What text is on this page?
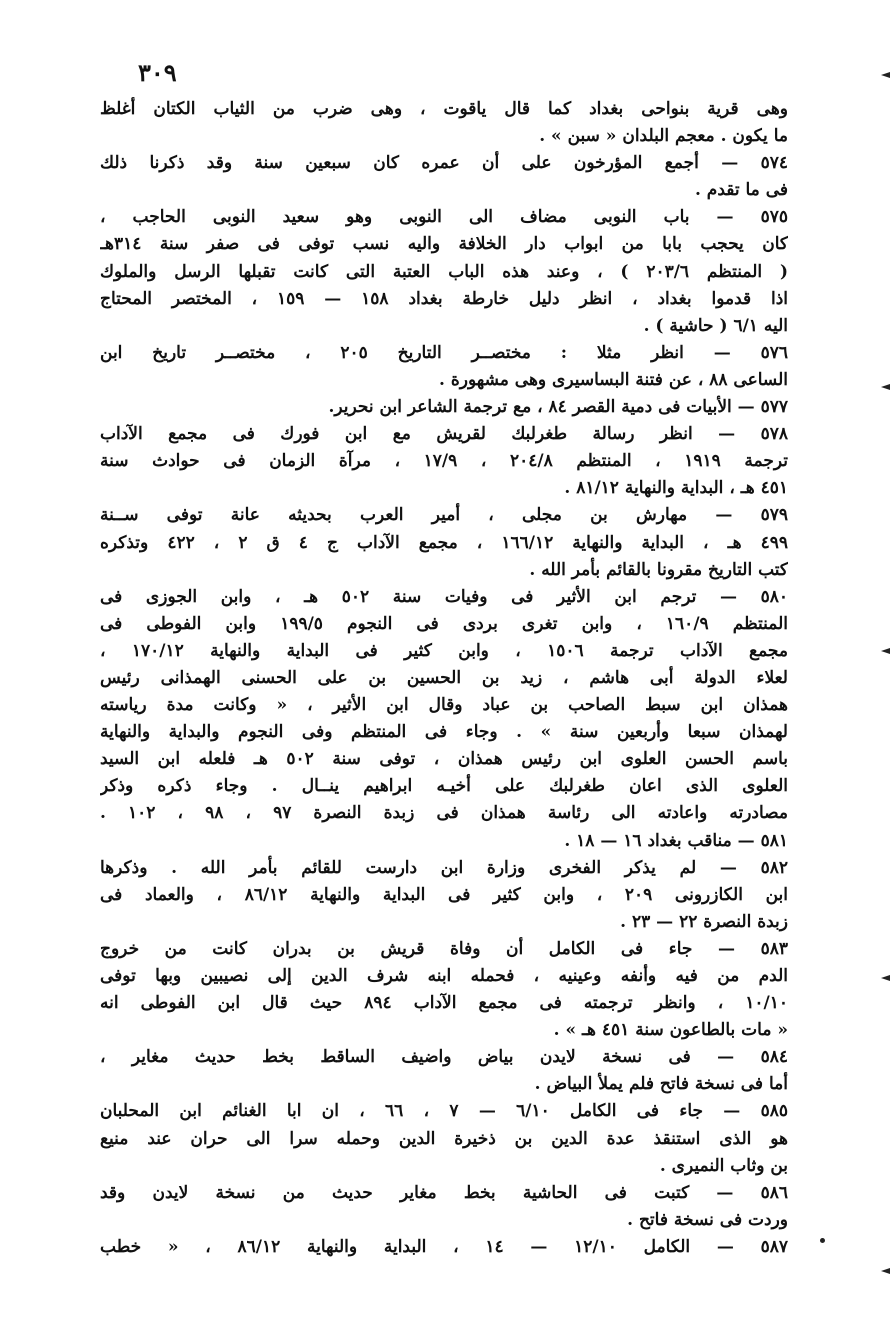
٣٠٩
وهى قرية بنواحى بغداد كما قال ياقوت ، وهى ضرب من الثياب الكتان أغلظ
ما يكون . معجم البلدان « سبن » .
٥٧٤ — أجمع المؤرخون على أن عمره كان سبعين سنة وقد ذكرنا ذلك
فى ما تقدم .
٥٧٥ — باب النوبى مضاف الى النوبى وهو سعيد النوبى الحاجب ،
كان يحجب بابا من ابواب دار الخلافة واليه نسب توفى فى صفر سنة ٣١٤هـ
( المنتظم ٢٠٣/٦ ) ، وعند هذه الباب العتبة التى كانت تقبلها الرسل والملوك
اذا قدموا بغداد ، انظر دليل خارطة بغداد ١٥٨ — ١٥٩ ، المختصر المحتاج
اليه ٦/١ ( حاشية ) .
٥٧٦ — انظر مثلا : مختصــر التاريخ ٢٠٥ ، مختصــر تاريخ ابن
الساعى ٨٨ ، عن فتنة البساسيرى وهى مشهورة .
٥٧٧ — الأبيات فى دمية القصر ٨٤ ، مع ترجمة الشاعر ابن نحرير.
٥٧٨ — انظر رسالة طغرلبك لقريش مع ابن فورك فى مجمع الآداب
ترجمة ١٩١٩ ، المنتظم ٢٠٤/٨ ، ١٧/٩ ، مرآة الزمان فى حوادث سنة
٤٥١ هـ ، البداية والنهاية ٨١/١٢ .
٥٧٩ — مهارش بن مجلى ، أمير العرب بحديثه عانة توفى ســنة
٤٩٩ هـ ، البداية والنهاية ١٦٦/١٢ ، مجمع الآداب ج ٤ ق ٢ ، ٤٢٢ وتذكره
كتب التاريخ مقرونا بالقائم بأمر الله .
٥٨٠ — ترجم ابن الأثير فى وفيات سنة ٥٠٢ هـ ، وابن الجوزى فى
المنتظم ١٦٠/٩ ، وابن تغرى بردى فى النجوم ١٩٩/٥ وابن الفوطى فى
مجمع الآداب ترجمة ١٥٠٦ ، وابن كثير فى البداية والنهاية ١٧٠/١٢ ،
لعلاء الدولة أبى هاشم ، زيد بن الحسين بن على الحسنى الهمذانى رئيس
همذان ابن سبط الصاحب بن عباد وقال ابن الأثير ، « وكانت مدة رياسته
لهمذان سبعا وأربعين سنة » . وجاء فى المنتظم وفى النجوم والبداية والنهاية
باسم الحسن العلوى ابن رئيس همذان ، توفى سنة ٥٠٢ هـ فلعله ابن السيد
العلوى الذى اعان طغرلبك على أخيـه ابراهيم ينــال . وجاء ذكره وذكر
مصادرته واعادته الى رئاسة همذان فى زبدة النصرة ٩٧ ، ٩٨ ، ١٠٢ .
٥٨١ — مناقب بغداد ١٦ — ١٨ .
٥٨٢ — لم يذكر الفخرى وزارة ابن دارست للقائم بأمر الله . وذكرها
ابن الكازرونى ٢٠٩ ، وابن كثير فى البداية والنهاية ٨٦/١٢ ، والعماد فى
زبدة النصرة ٢٢ — ٢٣ .
٥٨٣ — جاء فى الكامل أن وفاة قريش بن بدران كانت من خروج
الدم من فيه وأنفه وعينيه ، فحمله ابنه شرف الدين إلى نصيبين وبها توفى
١٠/١٠ ، وانظر ترجمته فى مجمع الآداب ٨٩٤ حيث قال ابن الفوطى انه
« مات بالطاعون سنة ٤٥١ هـ » .
٥٨٤ — فى نسخة لايدن بياض واضيف الساقط بخط حديث مغاير ،
أما فى نسخة فاتح فلم يملأ البياض .
٥٨٥ — جاء فى الكامل ٦/١٠ — ٧ ، ٦٦ ، ان ابا الغنائم ابن المحلبان
هو الذى استنقذ عدة الدين بن ذخيرة الدين وحمله سرا الى حران عند منيع
بن وثاب النميرى .
٥٨٦ — كتبت فى الحاشية بخط مغاير حديث من نسخة لايدن وقد
وردت فى نسخة فاتح .
٥٨٧ — الكامل ١٢/١٠ — ١٤ ، البداية والنهاية ٨٦/١٢ ، « خطب
